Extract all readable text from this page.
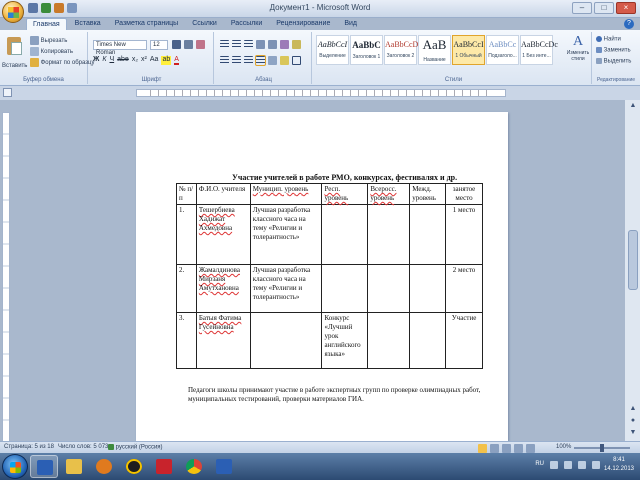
Документ1 - Microsoft Word	–	□	×
Главная	Вставка	Разметка страницы	Ссылки	Рассылки	Рецензирование	Вид	?
Вставить
Вырезать
Копировать
Формат по образцу
Буфер обмена
Times New Roman
12
Ж К Ч abe x₂ x² Aa ab A
Шрифт	Абзац
AaBbCcI
Выделение
AaBbC
Заголовок 1
AaBbCcD
Заголовок 2
AaB
Название
AaBbCcI
1 Обычный
AaBbCc
Подзаголо...
AaBbCcDc
1 Без инте...
A
Изменить стили
Стили
Найти
Заменить
Выделить
Редактирование
Участие учителей в работе РМО, конкурсах, фестивалях и др.
№ п/п	Ф.И.О. учителя	Муницип. уровень	Респ. уровень	Всеросс. уровень	Межд. уровень	занятое место
1.	Тешербиева Хадижат Ахмедовна	Лучшая разработка классного часа на тему «Религии и толерантность»				1 место
2.	Жамалдинова Мирзаня Амутхановна	Лучшая разработка классного часа на тему «Религии и толерантность»				2 место
3.	Батыя Фатима Гусейновна		Конкурс «Лучший урок английского языка»			Участие
Педагоги школы принимают участие в работе экспертных групп по проверке олимпиадных работ, муниципальных тестирований, проверки материалов ГИА.
▲
▲
●
▼
Страница: 5 из 18 Число слов: 5 073	русский (Россия)	100%
RU
8:41
14.12.2013
